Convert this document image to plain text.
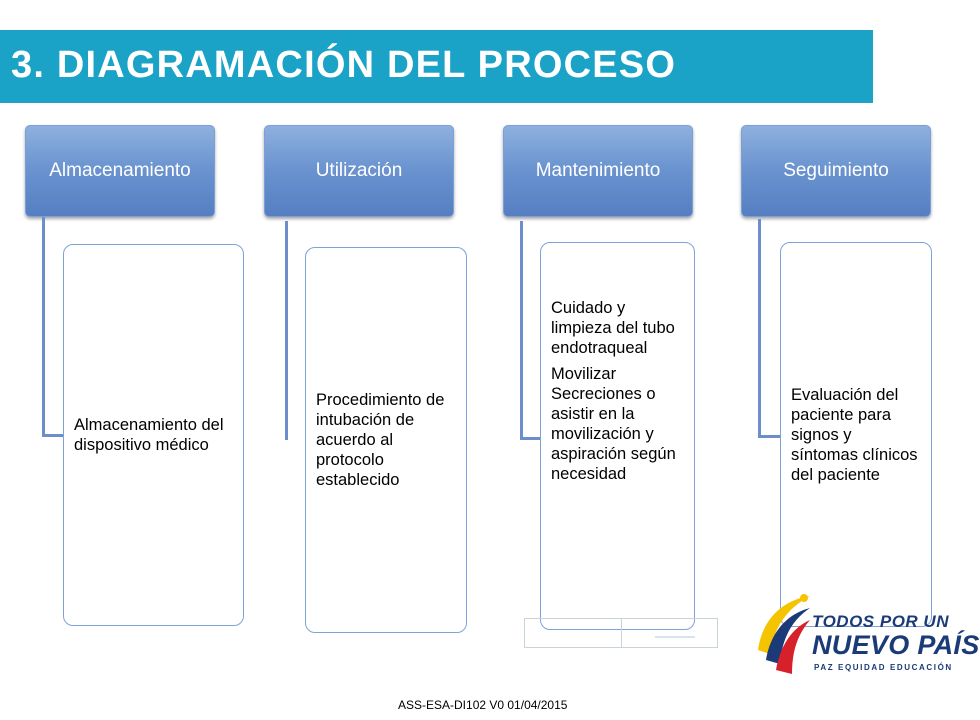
3. DIAGRAMACIÓN DEL PROCESO
Almacenamiento

Almacenamiento del dispositivo médico

Utilización

Procedimiento de intubación de acuerdo al protocolo establecido

Mantenimiento

Cuidado y limpieza del tubo endotraqueal

Movilizar Secreciones o asistir en la movilización y aspiración según necesidad

Seguimiento

Evaluación del paciente para signos y síntomas clínicos del paciente

TODOS POR UN
NUEVO PAÍS
PAZ EQUIDAD EDUCACIÓN
ASS-ESA-DI102 V0 01/04/2015
